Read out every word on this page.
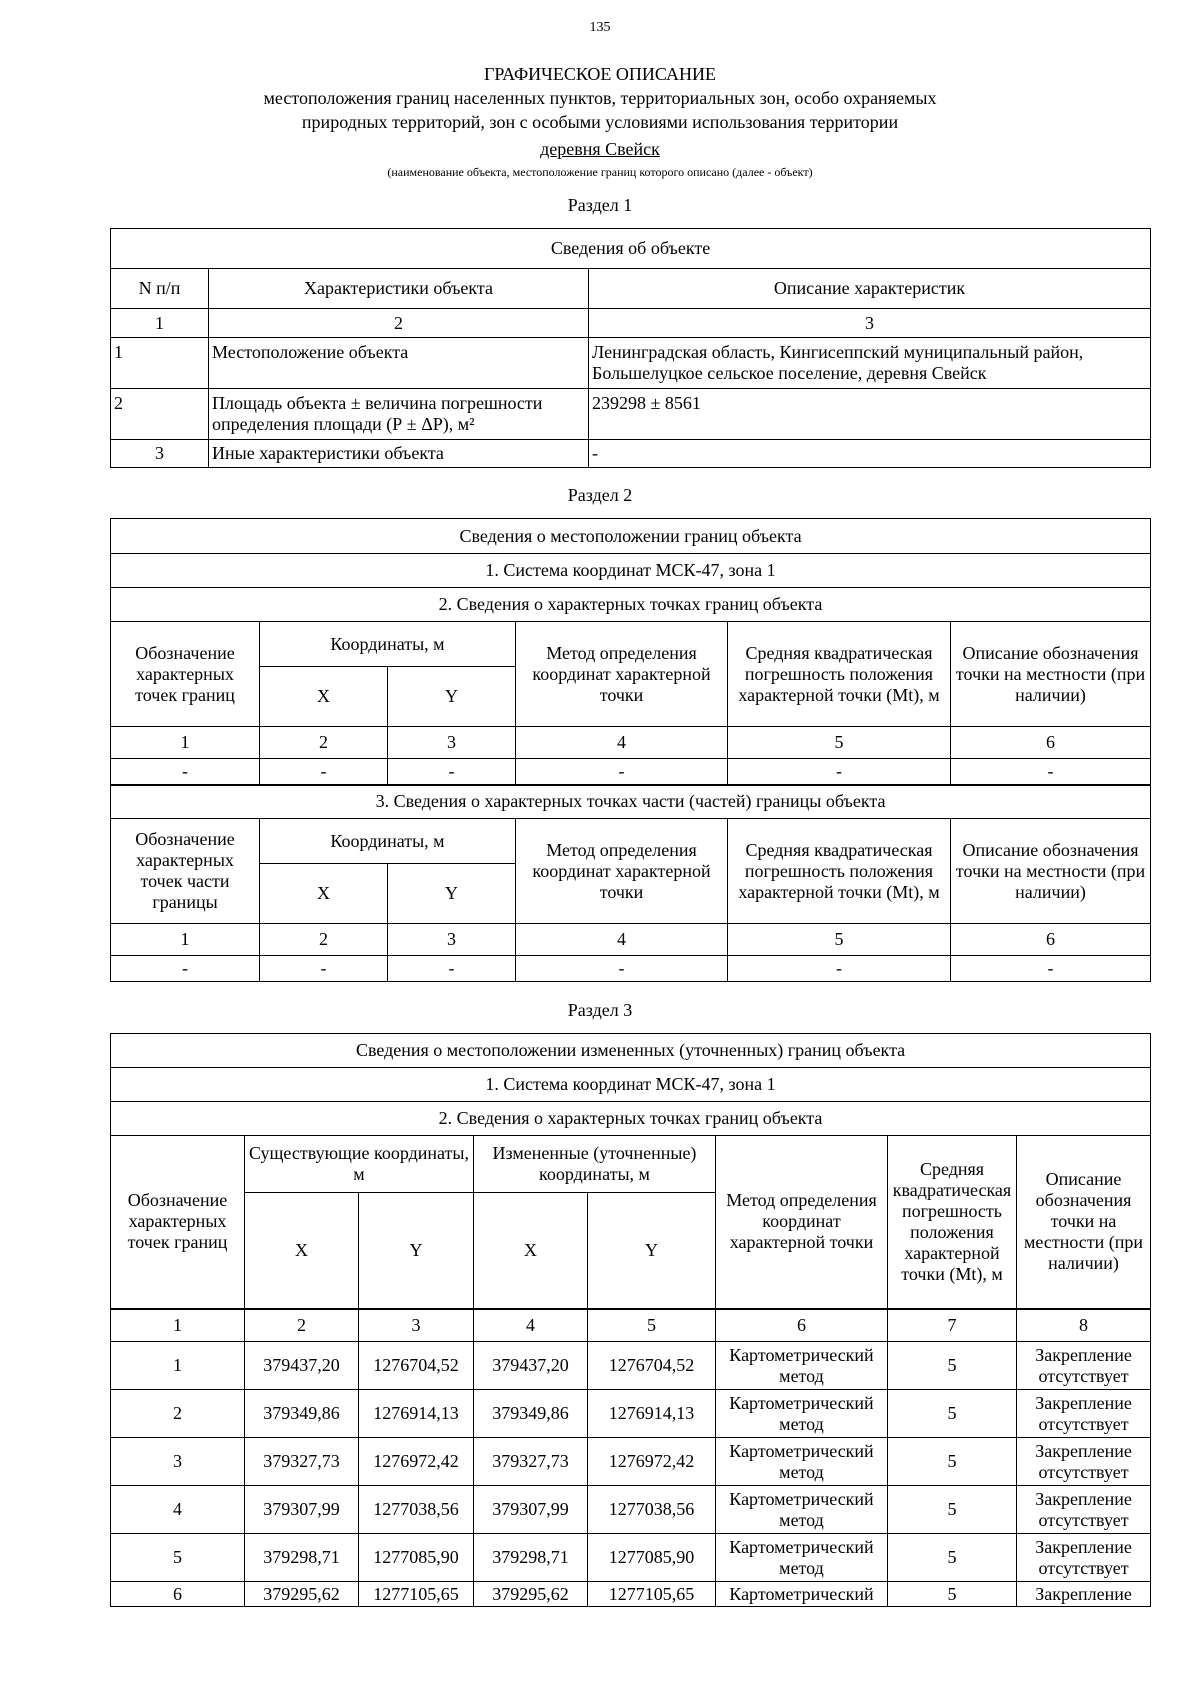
135
ГРАФИЧЕСКОЕ ОПИСАНИЕ
местоположения границ населенных пунктов, территориальных зон, особо охраняемых
природных территорий, зон с особыми условиями использования территории
деревня Свейск
(наименование объекта, местоположение границ которого описано (далее - объект)
Раздел 1
Сведения об объекте		
N п/п	Характеристики объекта	Описание характеристик
1	2	3
1	Местоположение объекта	Ленинградская область, Кингисеппский муниципальный район, Большелуцкое сельское поселение, деревня Свейск
2	Площадь объекта ± величина погрешности определения площади (Р ± ΔР), м²	239298 ± 8561
3	Иные характеристики объекта	-
Раздел 2
Сведения о местоположении границ объекта					
1. Система координат МСК-47, зона 1					
2. Сведения о характерных точках границ объекта					
Обозначение характерных точек границ	Координаты, м		Метод определения координат характерной точки	Средняя квадратическая погрешность положения характерной точки (Mt), м	Описание обозначения точки на местности (при наличии)
	X	Y			
1	2	3	4	5	6
-	-	-	-	-	-
3. Сведения о характерных точках части (частей) границы объекта					
Обозначение характерных точек части границы	Координаты, м		Метод определения координат характерной точки	Средняя квадратическая погрешность положения характерной точки (Mt), м	Описание обозначения точки на местности (при наличии)
	X	Y			
1	2	3	4	5	6
-	-	-	-	-	-
Раздел 3
Сведения о местоположении измененных (уточненных) границ объекта							
1. Система координат МСК-47, зона 1							
2. Сведения о характерных точках границ объекта							
Обозначение характерных точек границ	Существующие координаты, м		Измененные (уточненные) координаты, м		Метод определения координат характерной точки	Средняя квадратическая погрешность положения характерной точки (Mt), м	Описание обозначения точки на местности (при наличии)
	X	Y	X	Y			
1	2	3	4	5	6	7	8
1	379437,20	1276704,52	379437,20	1276704,52	Картометрический метод	5	Закрепление отсутствует
2	379349,86	1276914,13	379349,86	1276914,13	Картометрический метод	5	Закрепление отсутствует
3	379327,73	1276972,42	379327,73	1276972,42	Картометрический метод	5	Закрепление отсутствует
4	379307,99	1277038,56	379307,99	1277038,56	Картометрический метод	5	Закрепление отсутствует
5	379298,71	1277085,90	379298,71	1277085,90	Картометрический метод	5	Закрепление отсутствует
6	379295,62	1277105,65	379295,62	1277105,65	Картометрический	5	Закрепление
